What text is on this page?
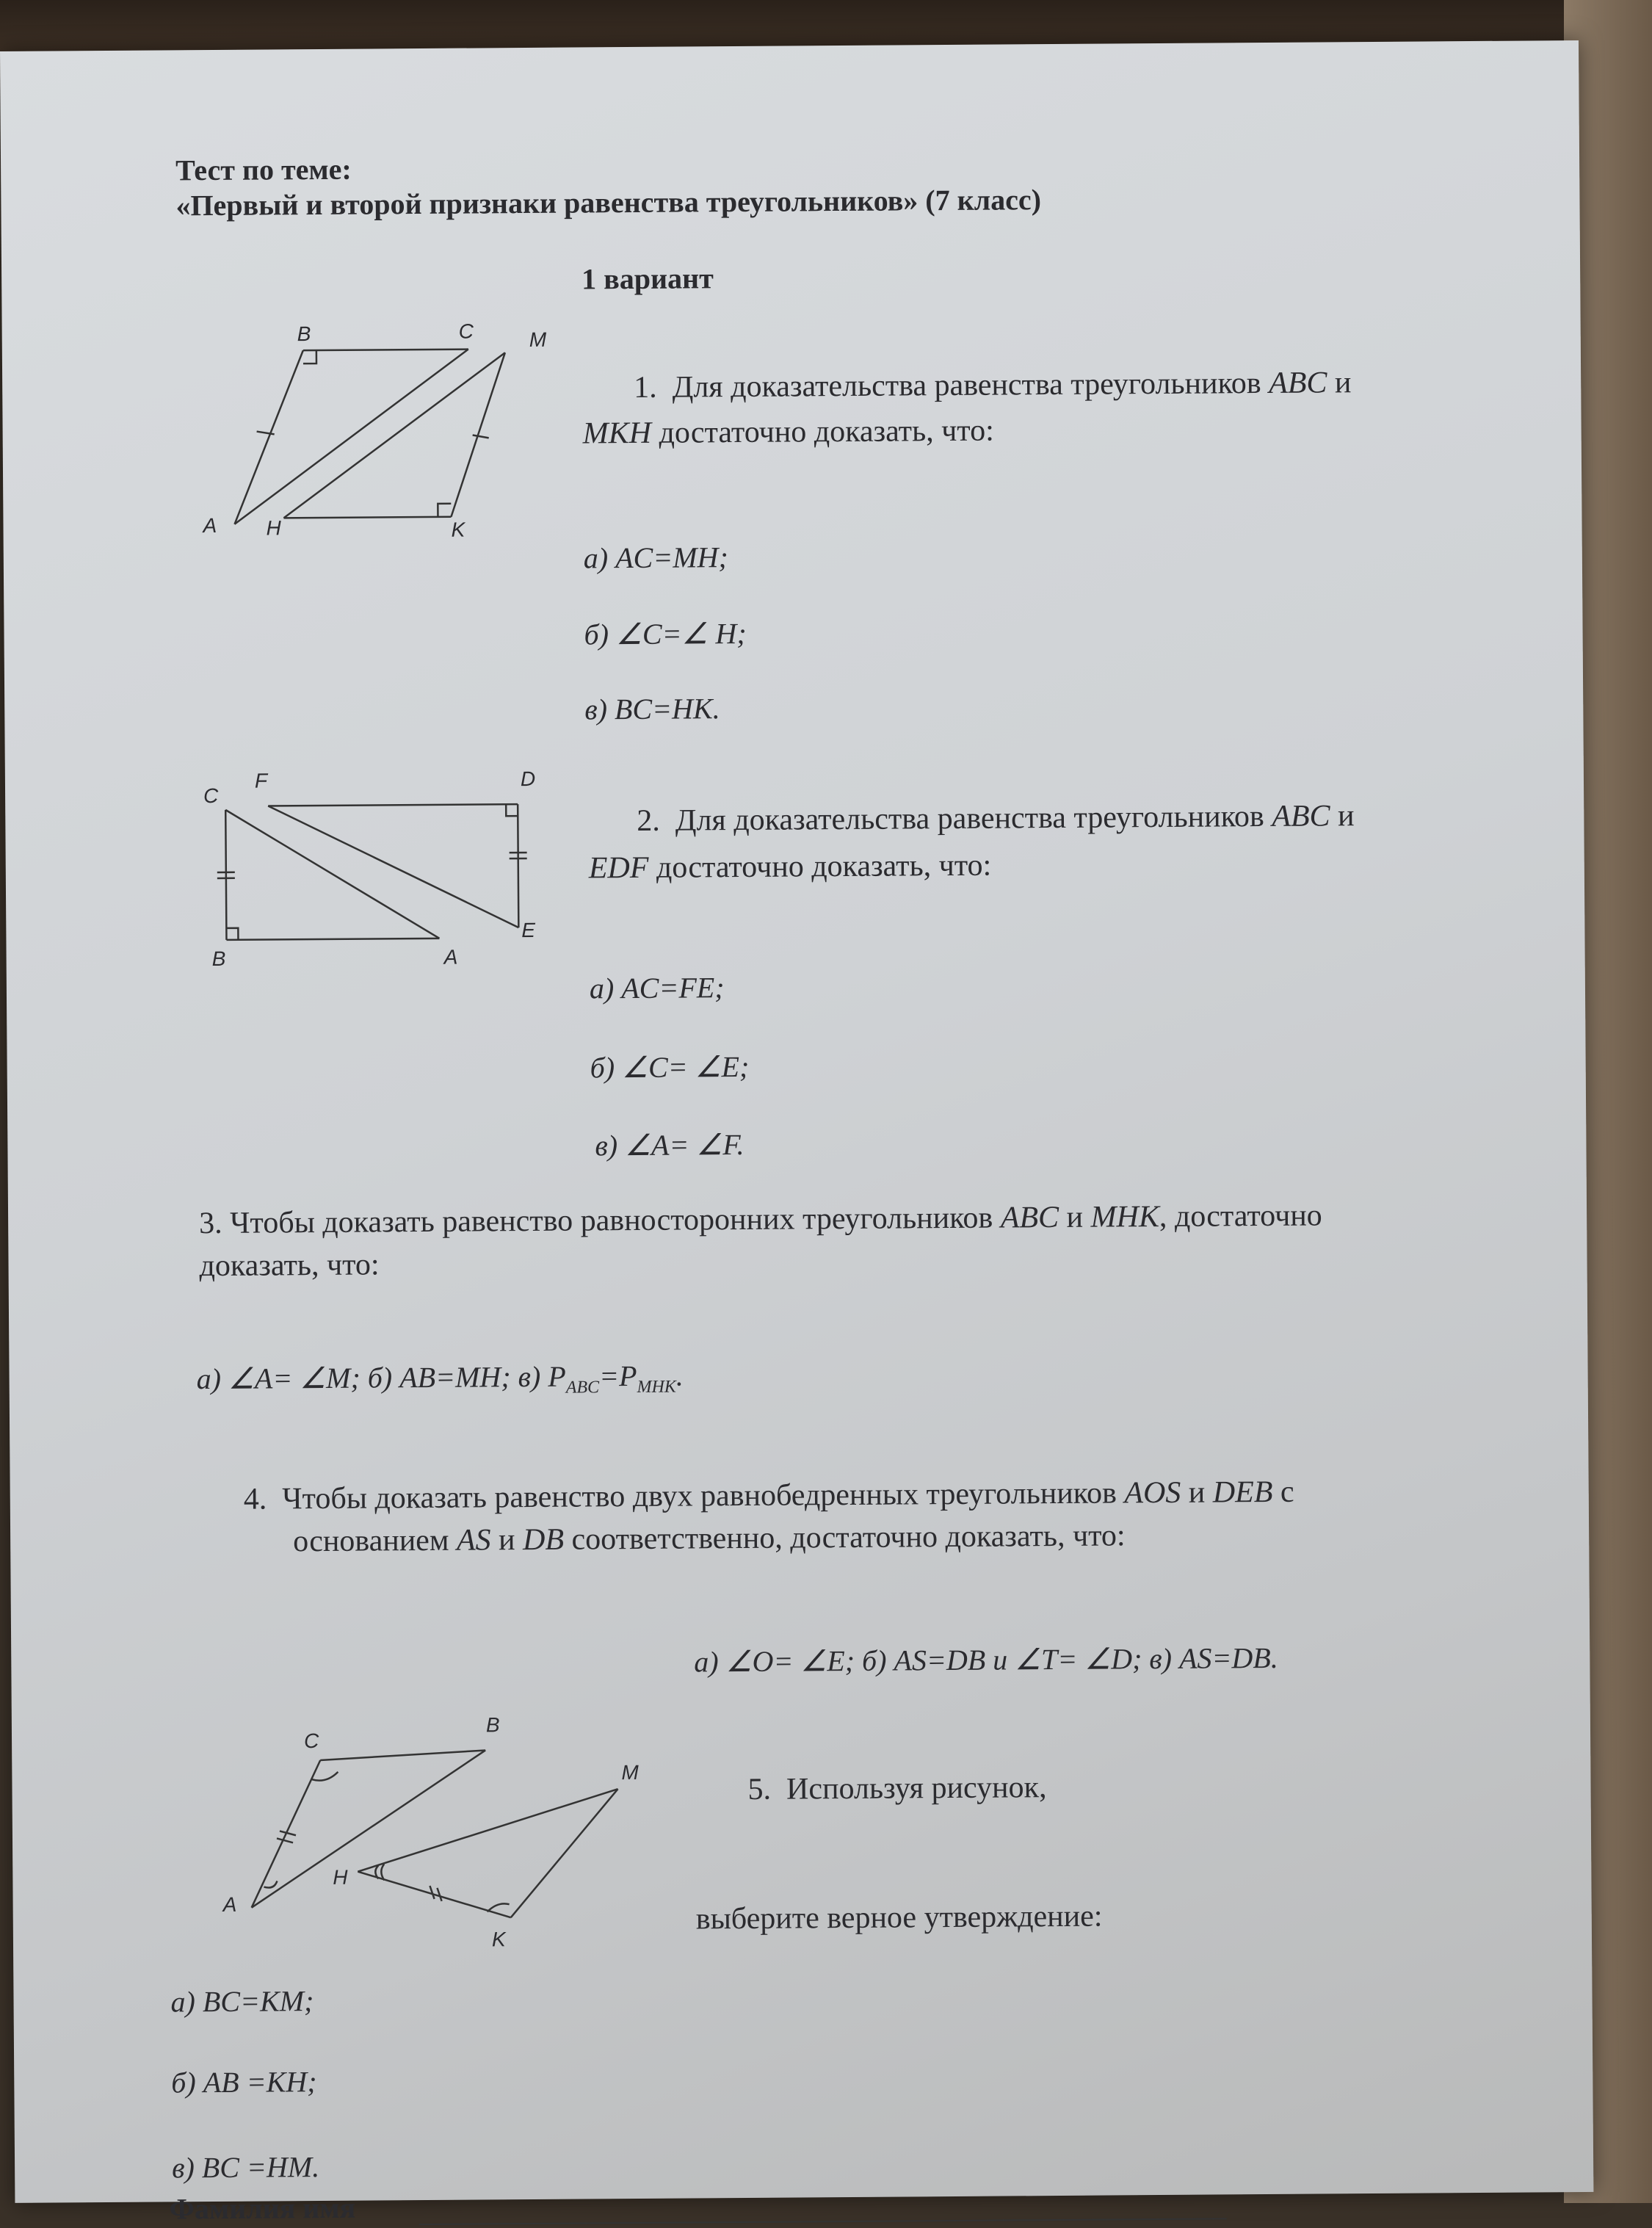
Тест по теме:
«Первый и второй признаки равенства треугольников» (7 класс)
1 вариант
B	C	M
A H	K
1. Для доказательства равенства треугольников ABC и
MKH достаточно доказать, что:
а) AC=MH;
б) ∠C=∠ H;
в) BC=HK.
C
F	D
B	A
E
2. Для доказательства равенства треугольников ABC и
EDF достаточно доказать, что:
а) AC=FE;
б) ∠C= ∠E;
в) ∠A= ∠F.
3. Чтобы доказать равенство равносторонних треугольников ABC и MHK, достаточно
доказать, что:
а) ∠A= ∠M; б) AB=MH; в) $P_{ABC}=P_{MHK}$.
4. Чтобы доказать равенство двух равнобедренных треугольников AOS и DEB с
основанием AS и DB соответственно, достаточно доказать, что:
а) ∠O= ∠E; б) AS=DB и ∠T= ∠D; в) AS=DB.
C
B
M
A
H
K
5. Используя рисунок,
выберите верное утверждение:
а) BC=KM;
б) AB =KH;
в) BC =HM.
Фамилия имя
